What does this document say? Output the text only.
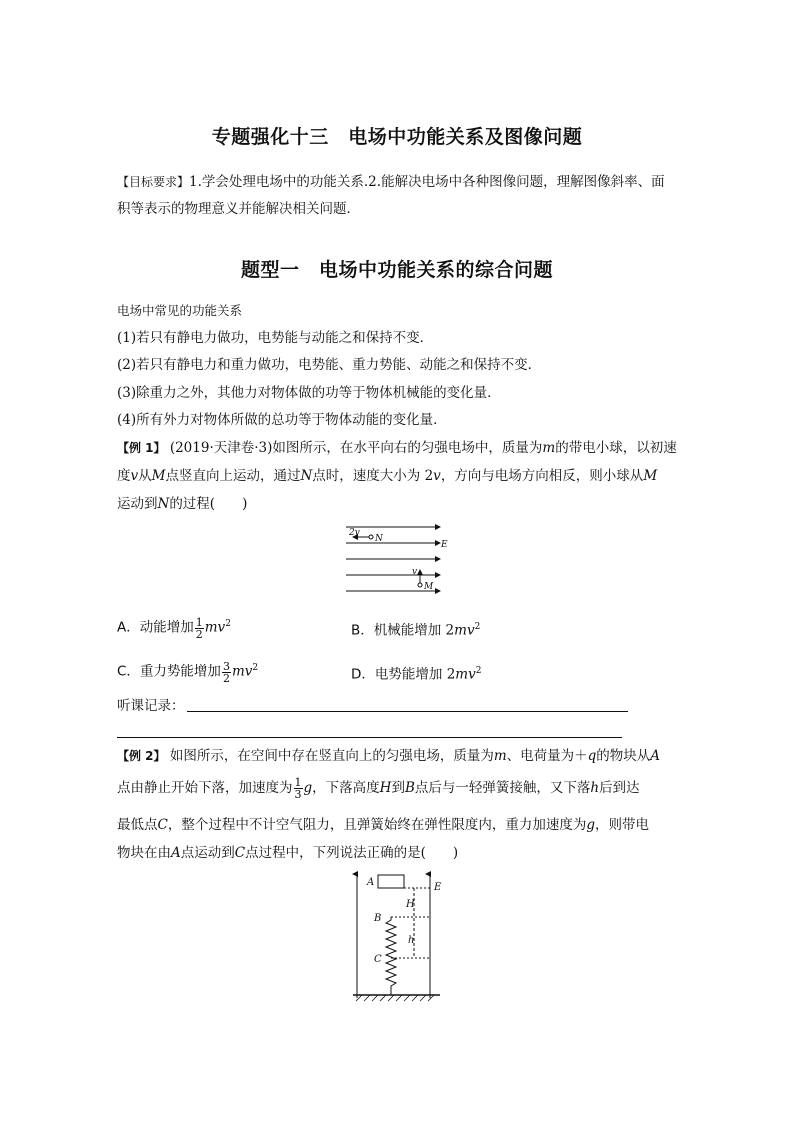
专题强化十三　电场中功能关系及图像问题
【目标要求】1.学会处理电场中的功能关系.2.能解决电场中各种图像问题，理解图像斜率、面
积等表示的物理意义并能解决相关问题．
题型一　电场中功能关系的综合问题
电场中常见的功能关系
(1)若只有静电力做功，电势能与动能之和保持不变．
(2)若只有静电力和重力做功，电势能、重力势能、动能之和保持不变．
(3)除重力之外，其他力对物体做的功等于物体机械能的变化量．
(4)所有外力对物体所做的总功等于物体动能的变化量．
【例 1】 (2019·天津卷·3)如图所示，在水平向右的匀强电场中，质量为m的带电小球，以初速
度v从M点竖直向上运动，通过N点时，速度大小为 2v，方向与电场方向相反，则小球从M
运动到N的过程(　　)
2v
N
E
v
M
A．动能增加 $\frac{1}{2} mv^2$	B．机械能增加 $2mv^2$
C．重力势能增加 $\frac{3}{2} mv^2$	D．电势能增加 $2mv^2$
听课记录：
【例 2】 如图所示，在空间中存在竖直向上的匀强电场，质量为m、电荷量为＋q的物块从A
点由静止开始下落，加速度为 $\frac{1}{3}$ g，下落高度H到B点后与一轻弹簧接触，又下落h后到达
最低点C，整个过程中不计空气阻力，且弹簧始终在弹性限度内，重力加速度为g，则带电
物块在由A点运动到C点过程中，下列说法正确的是(　　)
A	E
H
B
h
C
